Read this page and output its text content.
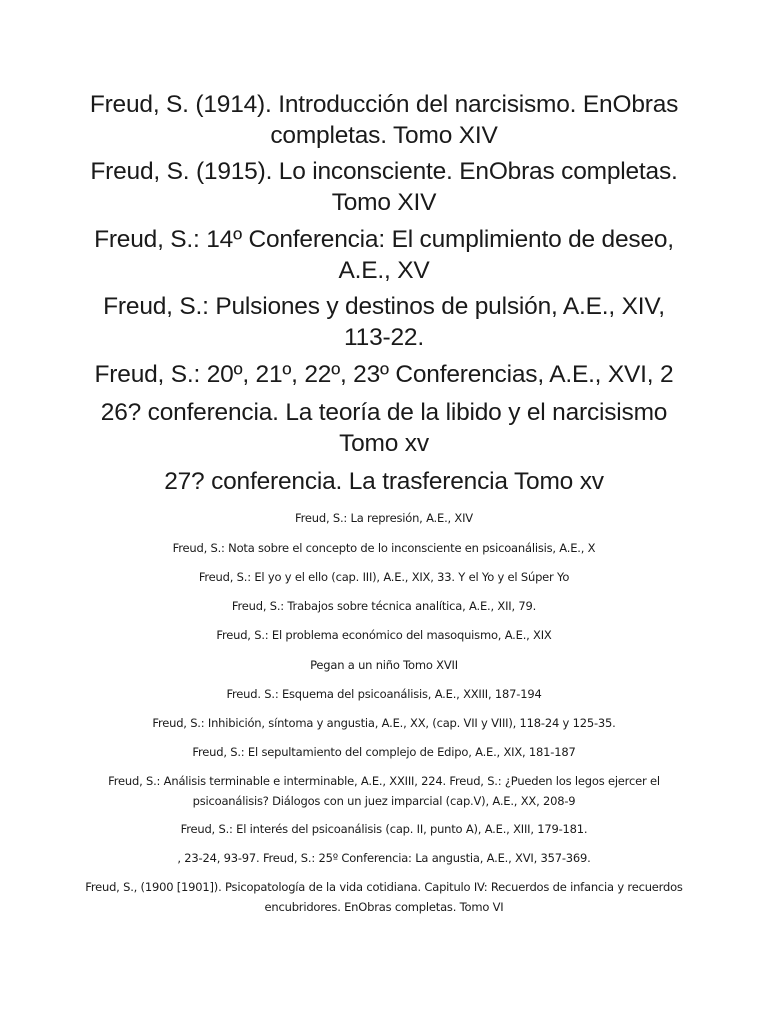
Freud, S. (1914). Introducción del narcisismo. EnObras completas. Tomo XIV

Freud, S. (1915). Lo inconsciente. EnObras completas. Tomo XIV

Freud, S.: 14º Conferencia: El cumplimiento de deseo, A.E., XV

Freud, S.: Pulsiones y destinos de pulsión, A.E., XIV, 113-22.

Freud, S.: 20º, 21º, 22º, 23º Conferencias, A.E., XVI, 2

26? conferencia. La teoría de la libido y el narcisismo Tomo xv

27? conferencia. La trasferencia Tomo xv

Freud, S.: La represión, A.E., XIV

Freud, S.: Nota sobre el concepto de lo inconsciente en psicoanálisis, A.E., X

Freud, S.: El yo y el ello (cap. III), A.E., XIX, 33. Y el Yo y el Súper Yo

Freud, S.: Trabajos sobre técnica analítica, A.E., XII, 79.

Freud, S.: El problema económico del masoquismo, A.E., XIX

Pegan a un niño Tomo XVII

Freud. S.: Esquema del psicoanálisis, A.E., XXIII, 187-194

Freud, S.: Inhibición, síntoma y angustia, A.E., XX, (cap. VII y VIII), 118-24 y 125-35.

Freud, S.: El sepultamiento del complejo de Edipo, A.E., XIX, 181-187

Freud, S.: Análisis terminable e interminable, A.E., XXIII, 224. Freud, S.: ¿Pueden los legos ejercer el psicoanálisis? Diálogos con un juez imparcial (cap.V), A.E., XX, 208-9

Freud, S.: El interés del psicoanálisis (cap. II, punto A), A.E., XIII, 179-181.

, 23-24, 93-97. Freud, S.: 25º Conferencia: La angustia, A.E., XVI, 357-369.

Freud, S., (1900 [1901]). Psicopatología de la vida cotidiana. Capitulo IV: Recuerdos de infancia y recuerdos encubridores. EnObras completas. Tomo VI
